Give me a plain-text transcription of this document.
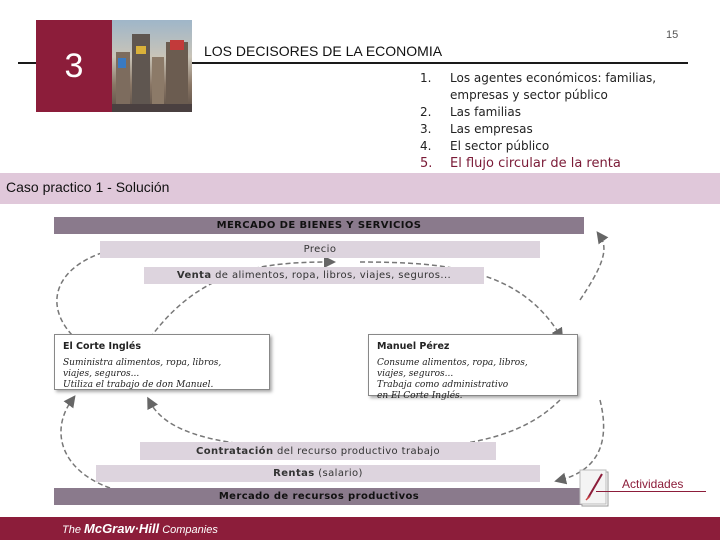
3	LOS DECISORES DE LA ECONOMIA
15
1.	Los agentes económicos: familias, empresas y sector público
2.	Las familias
3.	Las empresas
4.	El sector público
5.	El flujo circular de la renta
Caso practico 1 - Solución
MERCADO DE BIENES Y SERVICIOS
Precio
Venta de alimentos, ropa, libros, viajes, seguros...
El Corte Inglés
Suministra alimentos, ropa, libros,
viajes, seguros...
Utiliza el trabajo de don Manuel.
Manuel Pérez
Consume alimentos, ropa, libros,
viajes, seguros...
Trabaja como administrativo
en El Corte Inglés.
Contratación del recurso productivo trabajo
Rentas (salario)
Mercado de recursos productivos
Actividades
The McGraw·Hill Companies
